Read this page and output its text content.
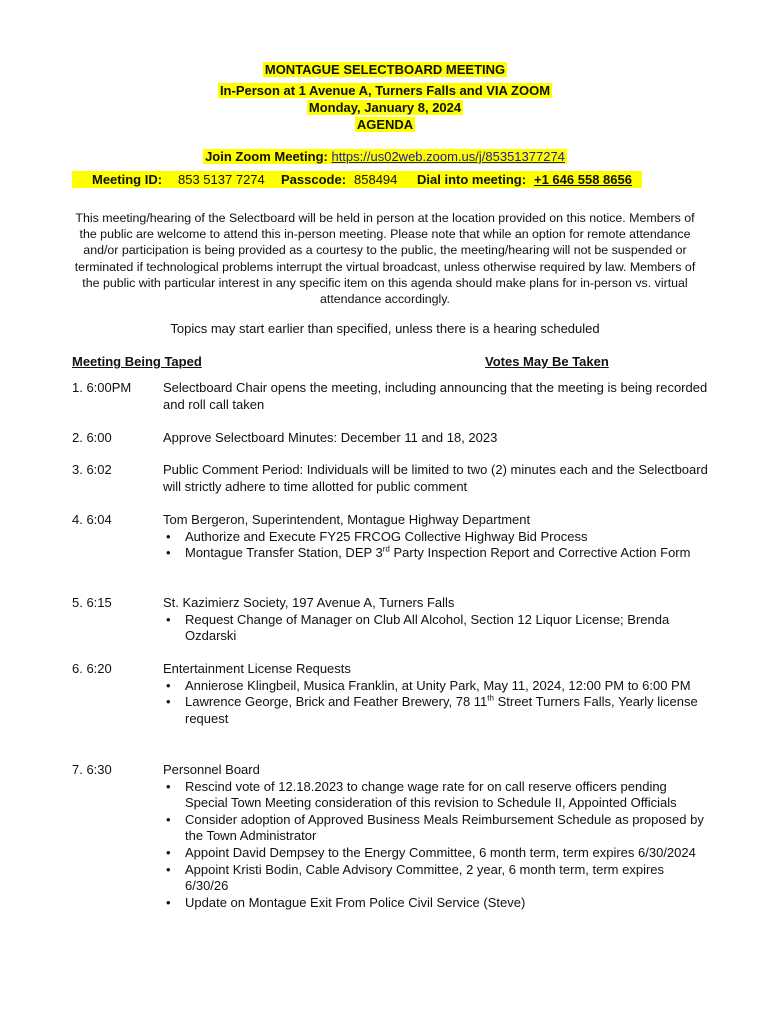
MONTAGUE SELECTBOARD MEETING
In-Person at 1 Avenue A, Turners Falls and VIA ZOOM
Monday, January 8, 2024
AGENDA
Join Zoom Meeting: https://us02web.zoom.us/j/85351377274
Meeting ID: 853 5137 7274 Passcode: 858494 Dial into meeting: +1 646 558 8656
This meeting/hearing of the Selectboard will be held in person at the location provided on this notice. Members of the public are welcome to attend this in-person meeting. Please note that while an option for remote attendance and/or participation is being provided as a courtesy to the public, the meeting/hearing will not be suspended or terminated if technological problems interrupt the virtual broadcast, unless otherwise required by law. Members of the public with particular interest in any specific item on this agenda should make plans for in-person vs. virtual attendance accordingly.
Topics may start earlier than specified, unless there is a hearing scheduled
Meeting Being Taped	Votes May Be Taken
1. 6:00PM Selectboard Chair opens the meeting, including announcing that the meeting is being recorded and roll call taken
2. 6:00	Approve Selectboard Minutes: December 11 and 18, 2023
3. 6:02	Public Comment Period: Individuals will be limited to two (2) minutes each and the Selectboard will strictly adhere to time allotted for public comment
4. 6:04	Tom Bergeron, Superintendent, Montague Highway Department
• Authorize and Execute FY25 FRCOG Collective Highway Bid Process
• Montague Transfer Station, DEP 3rd Party Inspection Report and Corrective Action Form
5. 6:15	St. Kazimierz Society, 197 Avenue A, Turners Falls
• Request Change of Manager on Club All Alcohol, Section 12 Liquor License; Brenda Ozdarski
6. 6:20	Entertainment License Requests
• Annierose Klingbeil, Musica Franklin, at Unity Park, May 11, 2024, 12:00 PM to 6:00 PM
• Lawrence George, Brick and Feather Brewery, 78 11th Street Turners Falls, Yearly license request
7. 6:30	Personnel Board
• Rescind vote of 12.18.2023 to change wage rate for on call reserve officers pending Special Town Meeting consideration of this revision to Schedule II, Appointed Officials
• Consider adoption of Approved Business Meals Reimbursement Schedule as proposed by the Town Administrator
• Appoint David Dempsey to the Energy Committee, 6 month term, term expires 6/30/2024
• Appoint Kristi Bodin, Cable Advisory Committee, 2 year, 6 month term, term expires 6/30/26
• Update on Montague Exit From Police Civil Service (Steve)
